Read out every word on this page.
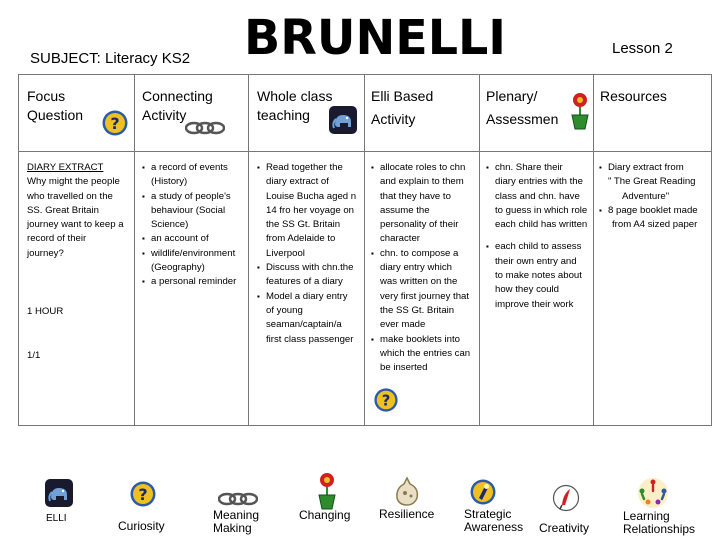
SUBJECT: Literacy KS2 BRUNELLI	Lesson 2
Focus
Question ?
Connecting
Activity
Whole class
teaching
Elli Based
Activity
Plenary/
Assessmen
Resources

DIARY EXTRACT

Why might the people

who travelled on the

SS. Great Britain

journey want to keep a

record of their

journey?

1 HOUR

1/1

▪ a record of events
(History)
▪ a study of people's
behaviour (Social
Science)
▪ an account of
▪ wildlife/environment
(Geography)
▪ a personal reminder
▪ Read together the
diary extract of
Louise Bucha aged n
14 fro her voyage on
the SS Gt. Britain
from Adelaide to
Liverpool
▪ Discuss with chn.the
features of a diary
▪ Model a diary entry
of young
seaman/captain/a
first class passenger
▪ allocate roles to chn
and explain to them
that they have to
assume the
personality of their
character
▪ chn. to compose a
diary entry which
was written on the
very first journey that
the SS Gt. Britain
ever made
▪ make booklets into
which the entries can
be inserted
?
▪ chn. Share their
diary entries with the
class and chn. have
to guess in which role
each child has written
▪ each child to assess
their own entry and
to make notes about
how they could
improve their work
▪ Diary extract from
" The Great Reading
Adventure"
▪ 8 page booklet made
from A4 sized paper
ELLI
?
Curiosity
Meaning
Making
Changing Resilience Strategic
Awareness Creativity
Learning
Relationships
